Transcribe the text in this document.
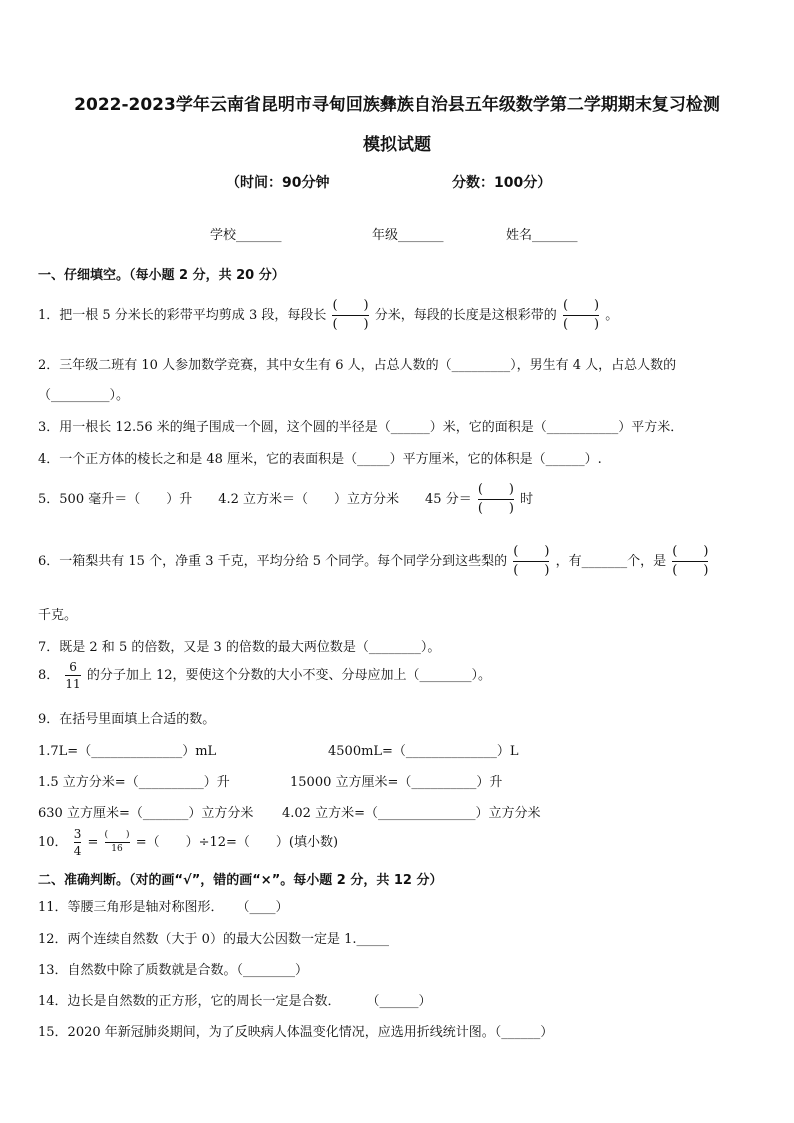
2022-2023学年云南省昆明市寻甸回族彝族自治县五年级数学第二学期期末复习检测
模拟试题
（时间：90分钟	分数：100分）
学校_______	年级_______	姓名_______
一、仔细填空。（每小题 2 分，共 20 分）
1．把一根 5 分米长的彩带平均剪成 3 段，每段长 $\frac{( )}{( )}$ 分米，每段的长度是这根彩带的 $\frac{( )}{( )}$ 。
2．三年级二班有 10 人参加数学竞赛，其中女生有 6 人，占总人数的（_________），男生有 4 人，占总人数的
（_________）。
3．用一根长 12.56 米的绳子围成一个圆，这个圆的半径是（______）米，它的面积是（___________）平方米．
4．一个正方体的棱长之和是 48 厘米，它的表面积是（_____）平方厘米，它的体积是（______）.
5．500 毫升＝（　　）升　　4.2 立方米＝（　　）立方分米　　45 分＝ $\frac{( )}{( )}$ 时
6．一箱梨共有 15 个，净重 3 千克，平均分给 5 个同学。每个同学分到这些梨的 $\frac{( )}{( )}$ ，有_______个，是 $\frac{( )}{( )}$
千克。
7．既是 2 和 5 的倍数，又是 3 的倍数的最大两位数是（________）。
8． $\frac{6}{11}$ 的分子加上 12，要使这个分数的大小不变、分母应加上（________）。
9．在括号里面填上合适的数。
1.7L=（______________）mL	4500mL=（______________）L
1.5 立方分米=（__________）升	15000 立方厘米=（__________）升
630 立方厘米=（_______）立方分米 4.02 立方米=（_______________）立方分米
10． $\frac{3}{4} = \frac{( )}{16}$ =（　　）÷12=（　　）(填小数)
二、准确判断。（对的画“√”，错的画“×”。每小题 2 分，共 12 分）
11．等腰三角形是轴对称图形．　　（____）
12．两个连续自然数（大于 0）的最大公因数一定是 1._____
13．自然数中除了质数就是合数。（________）
14．边长是自然数的正方形，它的周长一定是合数．　　　（______）
15．2020 年新冠肺炎期间，为了反映病人体温变化情况，应选用折线统计图。（______）
